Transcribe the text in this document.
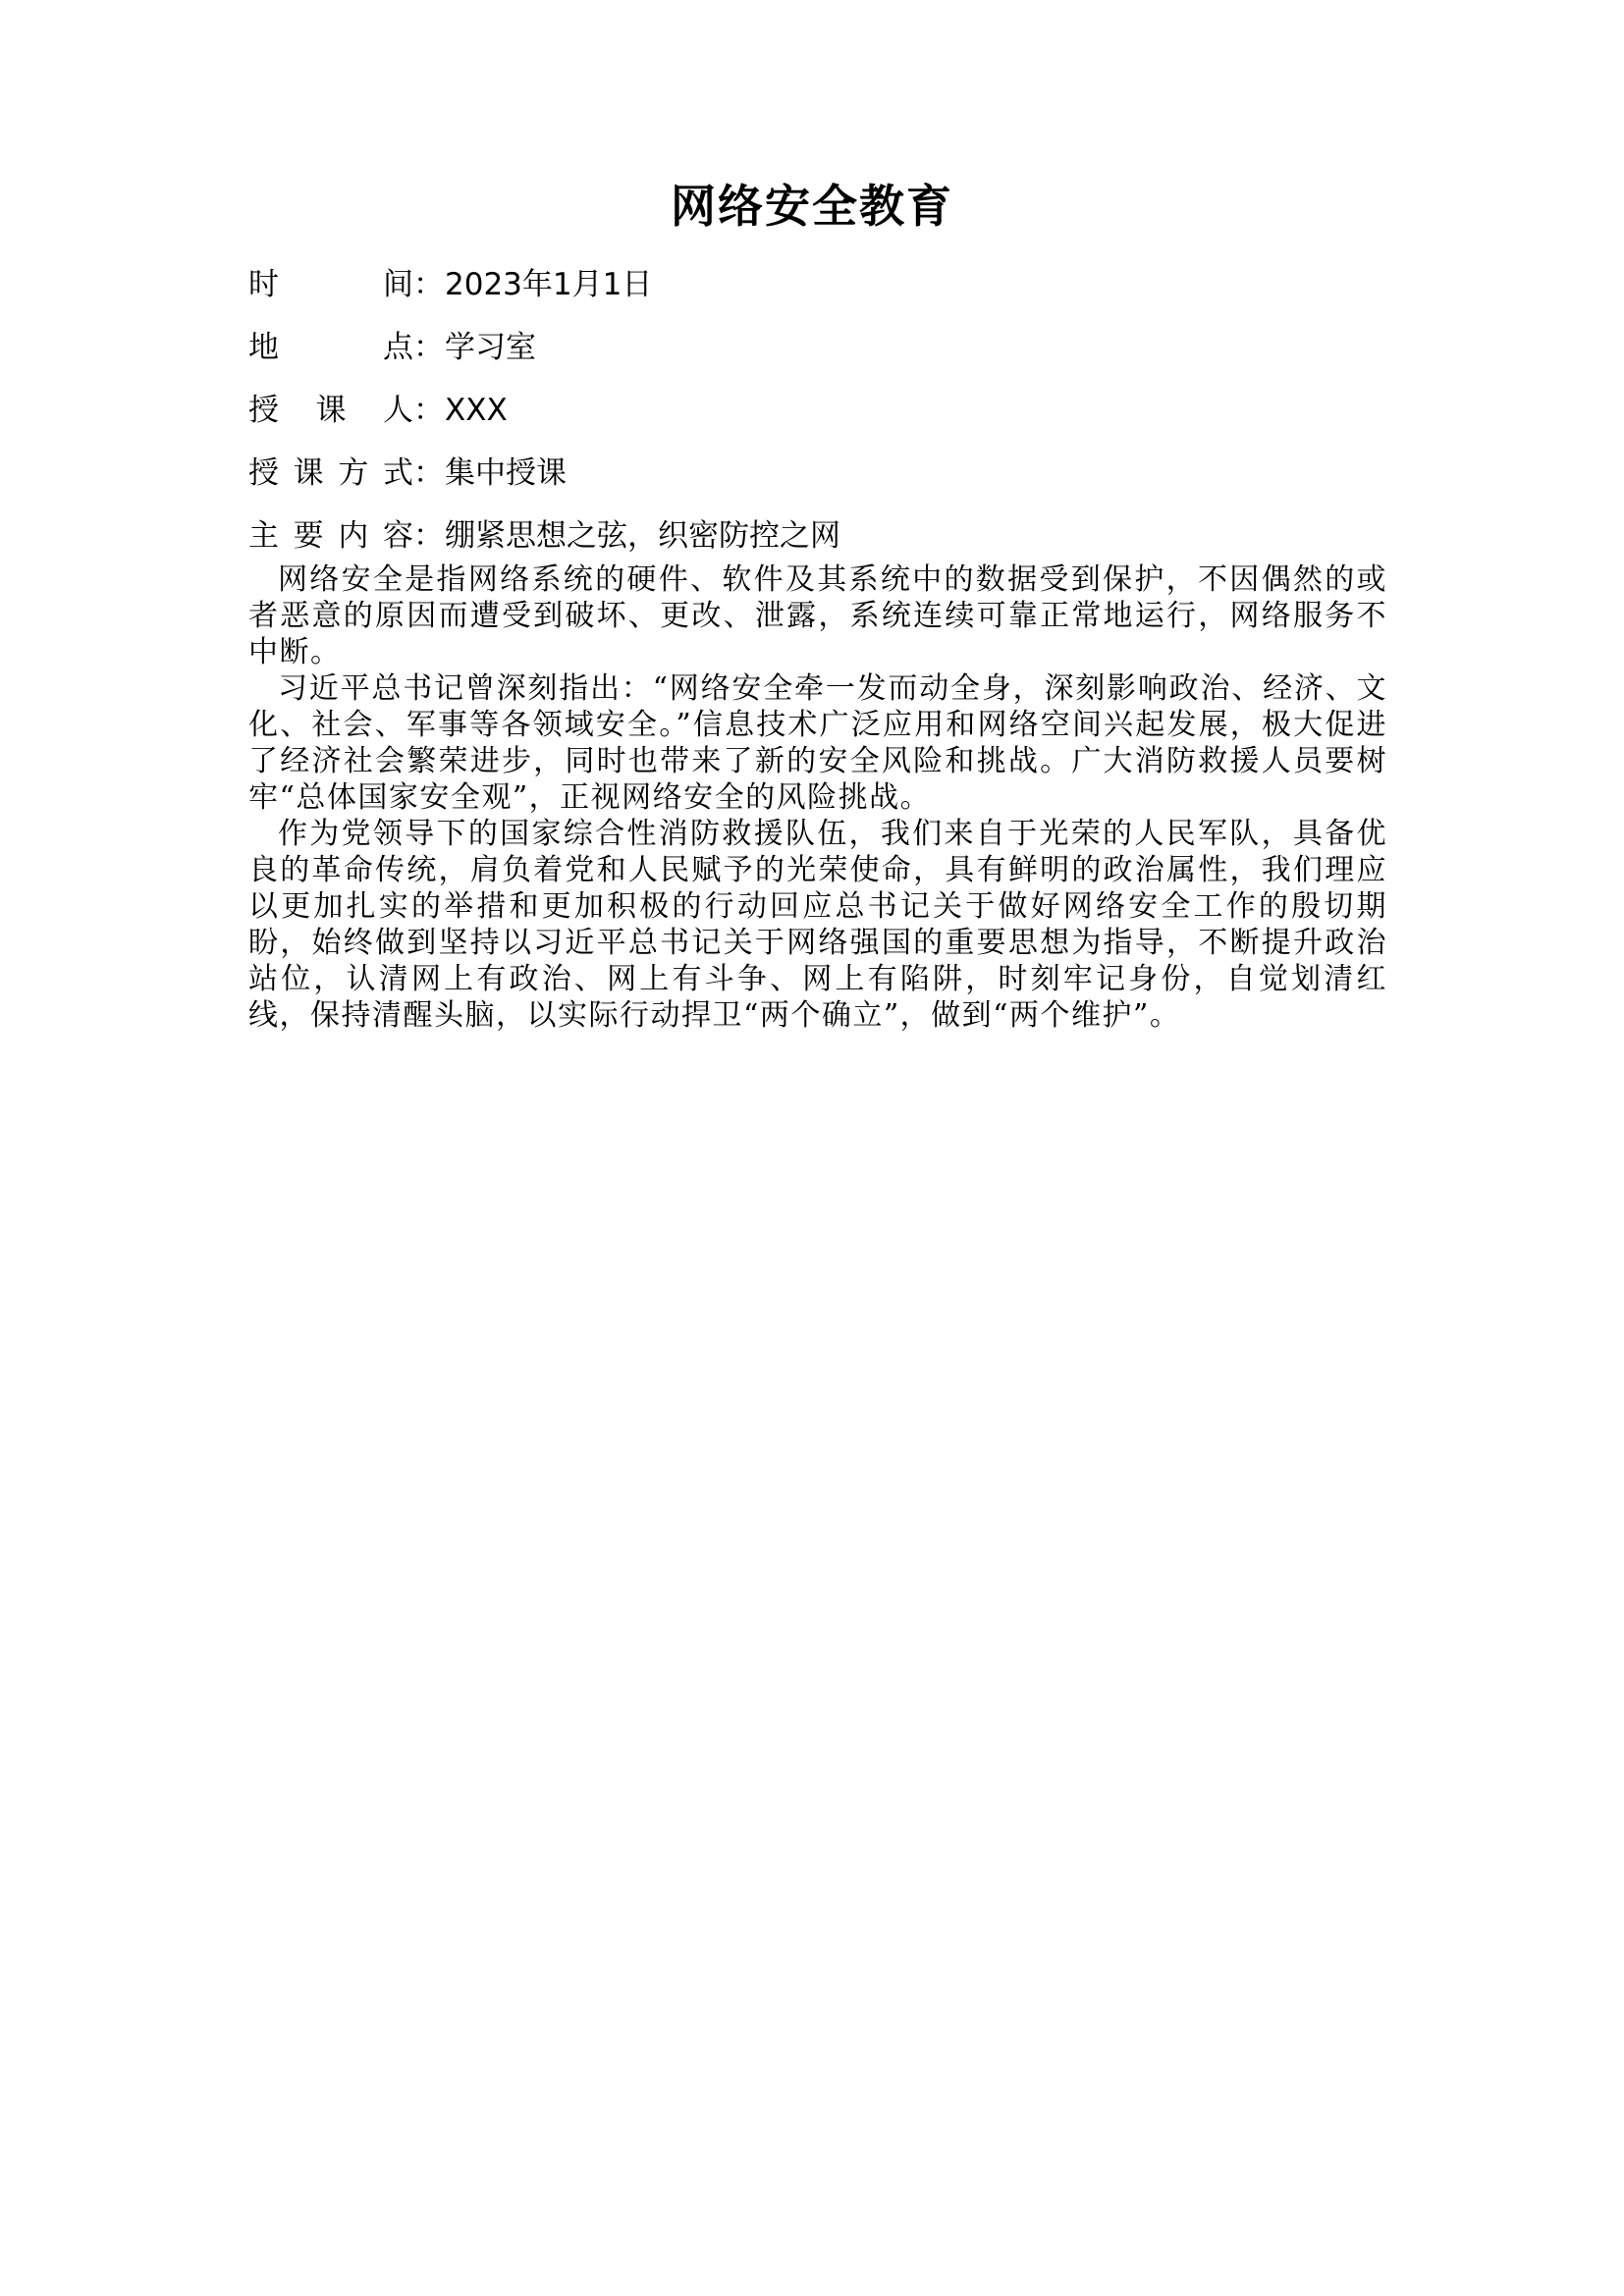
网络安全教育
时间 ： 2023年1月1日
地点 ： 学习室
授课人 ： XXX
授课方式 ： 集中授课
主要内容 ： 绷紧思想之弦，织密防控之网

网络安全是指网络系统的硬件、软件及其系统中的数据受到保护，不因偶然的或者恶意的原因而遭受到破坏、更改、泄露，系统连续可靠正常地运行，网络服务不中断。

习近平总书记曾深刻指出：“网络安全牵一发而动全身，深刻影响政治、经济、文化、社会、军事等各领域安全。”信息技术广泛应用和网络空间兴起发展，极大促进了经济社会繁荣进步，同时也带来了新的安全风险和挑战。广大消防救援人员要树牢“总体国家安全观”，正视网络安全的风险挑战。

作为党领导下的国家综合性消防救援队伍，我们来自于光荣的人民军队，具备优良的革命传统，肩负着党和人民赋予的光荣使命，具有鲜明的政治属性，我们理应以更加扎实的举措和更加积极的行动回应总书记关于做好网络安全工作的殷切期盼，始终做到坚持以习近平总书记关于网络强国的重要思想为指导，不断提升政治站位，认清网上有政治、网上有斗争、网上有陷阱，时刻牢记身份，自觉划清红线，保持清醒头脑，以实际行动捍卫“两个确立”，做到“两个维护”。
